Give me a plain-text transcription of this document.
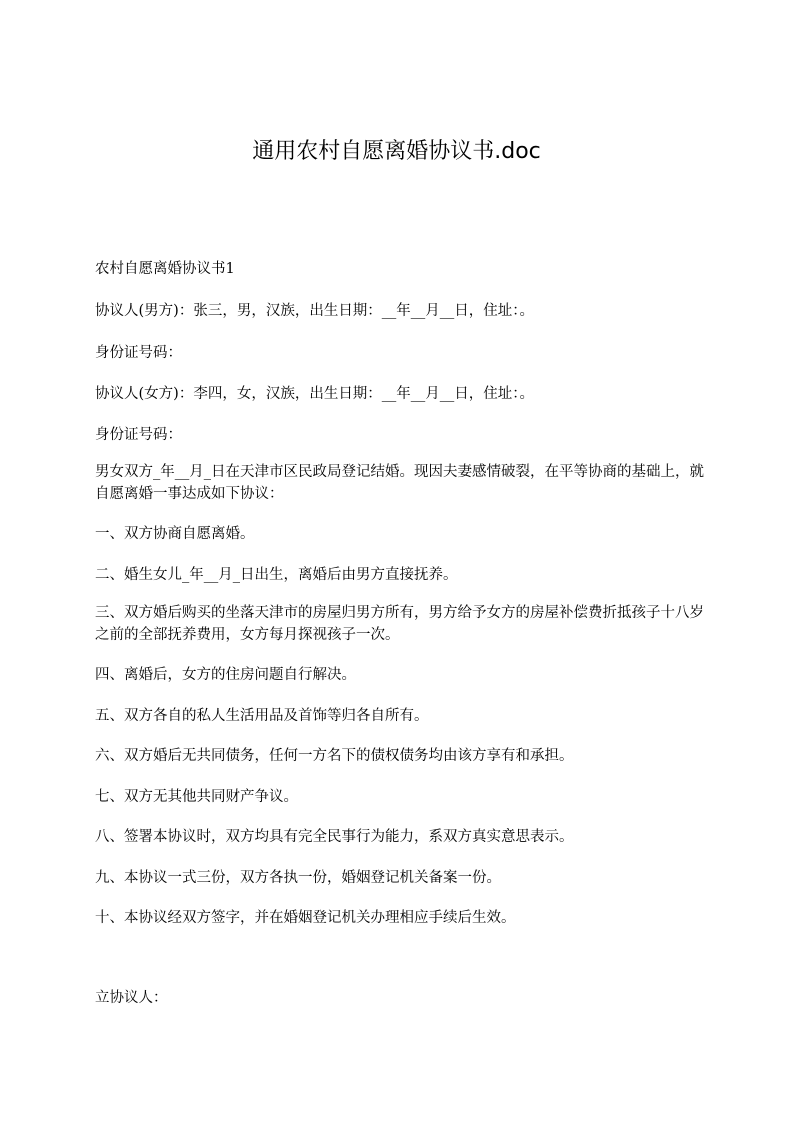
通用农村自愿离婚协议书.doc

农村自愿离婚协议书1

协议人(男方)：张三，男，汉族，出生日期：__年__月__日，住址：。

身份证号码：

协议人(女方)：李四，女，汉族，出生日期：__年__月__日，住址：。

身份证号码：

男女双方_年__月_日在天津市区民政局登记结婚。现因夫妻感情破裂，在平等协商的基础上，就自愿离婚一事达成如下协议：

一、双方协商自愿离婚。

二、婚生女儿_年__月_日出生，离婚后由男方直接抚养。

三、双方婚后购买的坐落天津市的房屋归男方所有，男方给予女方的房屋补偿费折抵孩子十八岁之前的全部抚养费用，女方每月探视孩子一次。

四、离婚后，女方的住房问题自行解决。

五、双方各自的私人生活用品及首饰等归各自所有。

六、双方婚后无共同债务，任何一方名下的债权债务均由该方享有和承担。

七、双方无其他共同财产争议。

八、签署本协议时，双方均具有完全民事行为能力，系双方真实意思表示。

九、本协议一式三份，双方各执一份，婚姻登记机关备案一份。

十、本协议经双方签字，并在婚姻登记机关办理相应手续后生效。

立协议人：
